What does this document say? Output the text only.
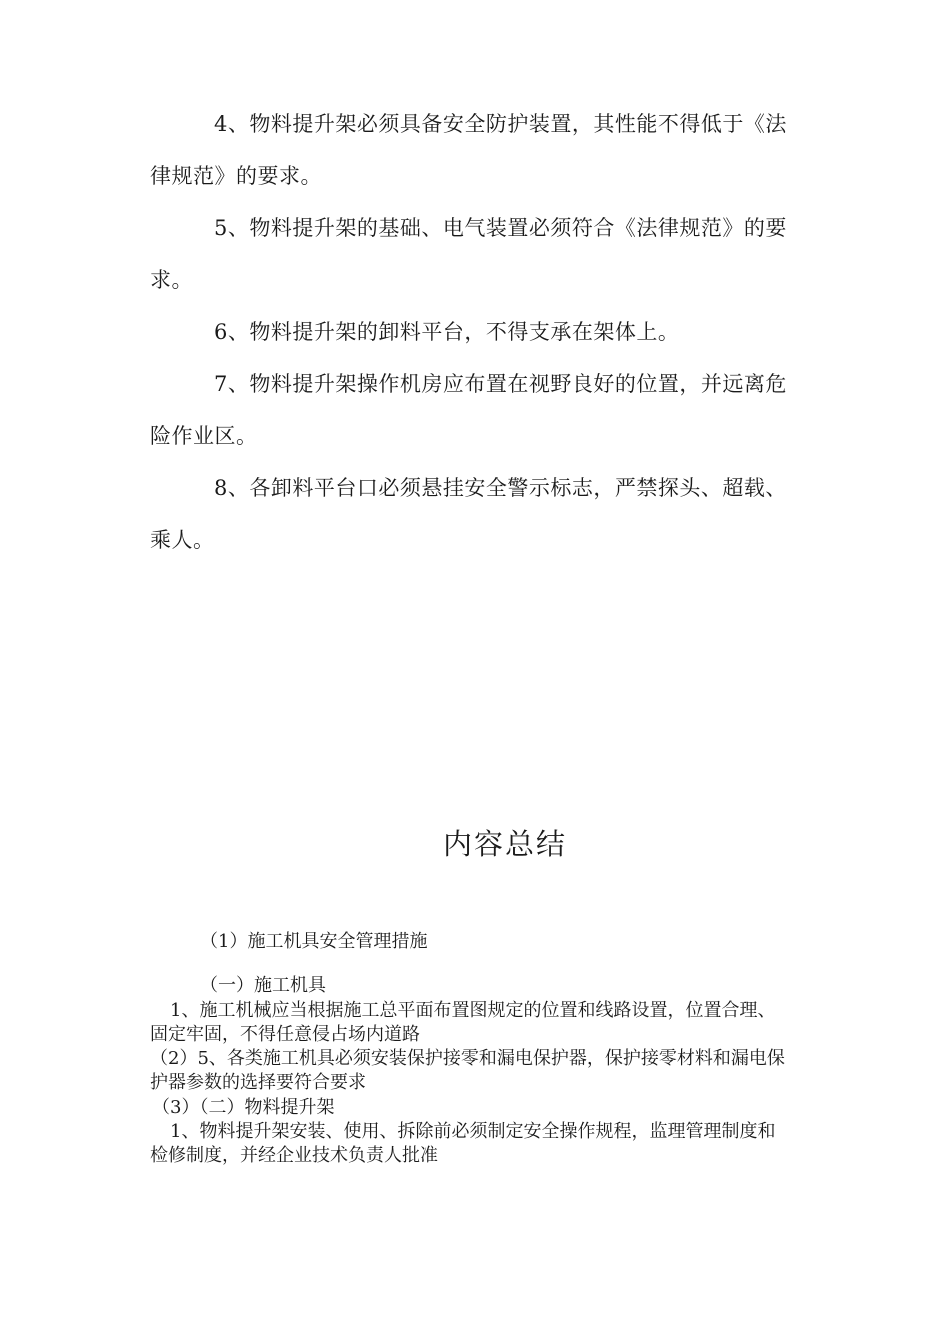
4、物料提升架必须具备安全防护装置，其性能不得低于《法律规范》的要求。

5、物料提升架的基础、电气装置必须符合《法律规范》的要求。

6、物料提升架的卸料平台，不得支承在架体上。

7、物料提升架操作机房应布置在视野良好的位置，并远离危险作业区。

8、各卸料平台口必须悬挂安全警示标志，严禁探头、超载、乘人。

内容总结
（1）施工机具安全管理措施
（一）施工机具
1、施工机械应当根据施工总平面布置图规定的位置和线路设置，位置合理、固定牢固，不得任意侵占场内道路
（2）5、各类施工机具必须安装保护接零和漏电保护器，保护接零材料和漏电保护器参数的选择要符合要求
（3）（二）物料提升架
1、物料提升架安装、使用、拆除前必须制定安全操作规程，监理管理制度和检修制度，并经企业技术负责人批准
